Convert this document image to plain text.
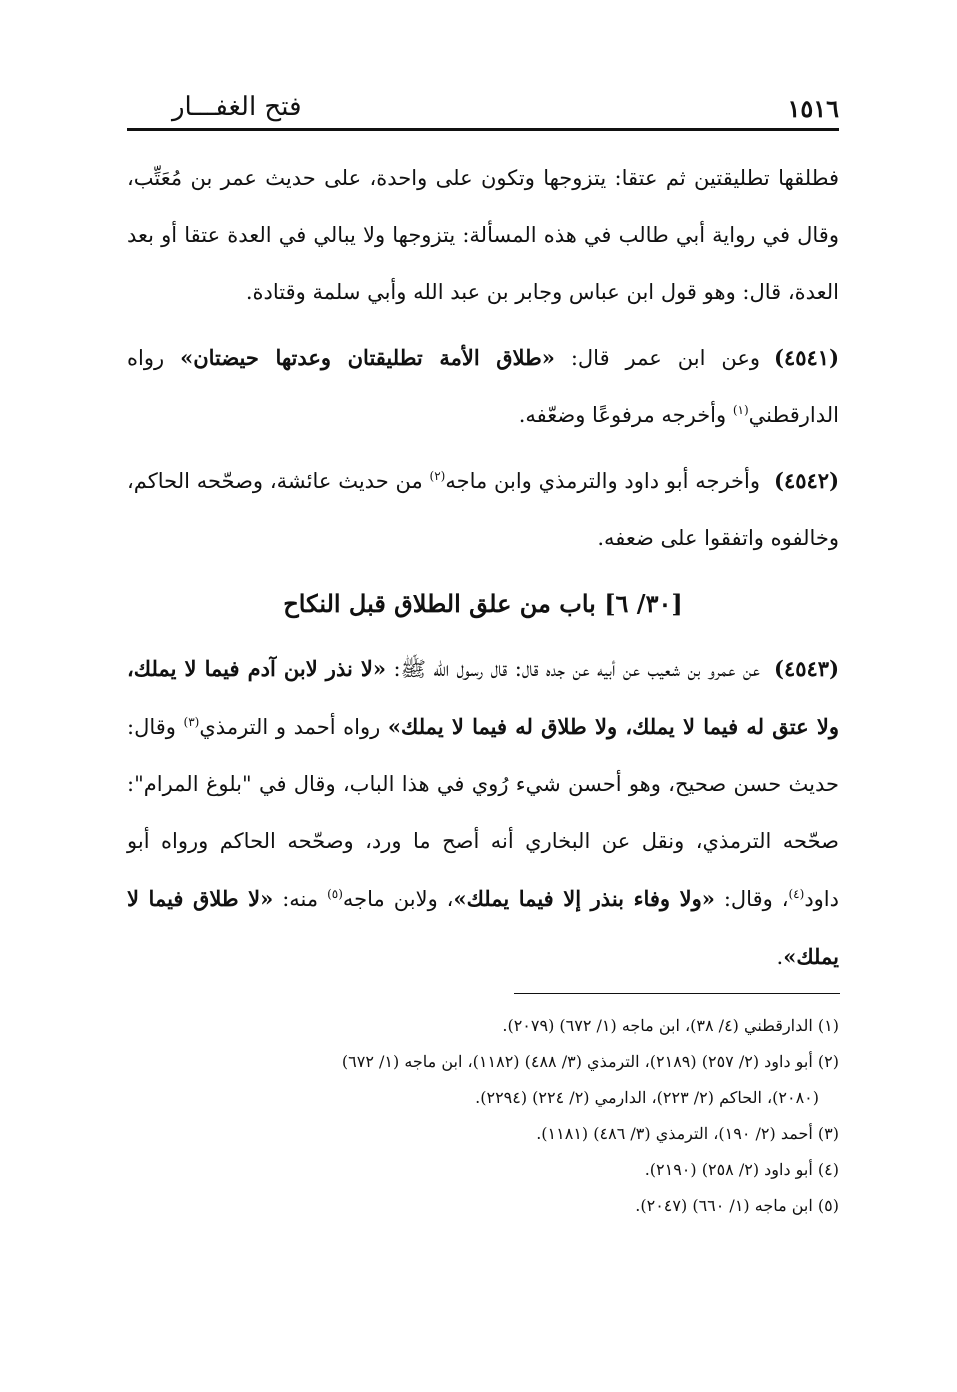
١٥١٦
فتح الغفـــار

فطلقها تطليقتين ثم عتقا: يتزوجها وتكون على واحدة، على حديث عمر بن مُعَتِّب، وقال في رواية أبي طالب في هذه المسألة: يتزوجها ولا يبالي في العدة عتقا أو بعد العدة، قال: وهو قول ابن عباس وجابر بن عبد الله وأبي سلمة وقتادة.

(٤٥٤١)وعن ابن عمر قال: «طلاق الأمة تطليقتان وعدتها حيضتان» رواه الدارقطني$^{(١)}$ وأخرجه مرفوعًا وضعّفه.

(٤٥٤٢)وأخرجه أبو داود والترمذي وابن ماجه$^{(٢)}$ من حديث عائشة، وصحّحه الحاكم، وخالفوه واتفقوا على ضعفه.

[٣٠/ ٦] باب من علق الطلاق قبل النكاح

(٤٥٤٣)عن عمرو بن شعيب عن أبيه عن جده قال: قال رسول الله ﷺ: «لا نذر لابن آدم فيما لا يملك، ولا عتق له فيما لا يملك، ولا طلاق له فيما لا يملك» رواه أحمد و الترمذي$^{(٣)}$ وقال: حديث حسن صحيح، وهو أحسن شيء رُوي في هذا الباب، وقال في "بلوغ المرام": صحّحه الترمذي، ونقل عن البخاري أنه أصح ما ورد، وصحّحه الحاكم ورواه أبو داود$^{(٤)}$، وقال: «ولا وفاء بنذر إلا فيما يملك»، ولابن ماجه$^{(٥)}$ منه: «لا طلاق فيما لا يملك».

(١) الدارقطني (٤/ ٣٨)، ابن ماجه (١/ ٦٧٢) (٢٠٧٩).

(٢) أبو داود (٢/ ٢٥٧) (٢١٨٩)، الترمذي (٣/ ٤٨٨) (١١٨٢)، ابن ماجه (١/ ٦٧٢)

(٢٠٨٠)، الحاكم (٢/ ٢٢٣)، الدارمي (٢/ ٢٢٤) (٢٢٩٤).

(٣) أحمد (٢/ ١٩٠)، الترمذي (٣/ ٤٨٦) (١١٨١).

(٤) أبو داود (٢/ ٢٥٨) (٢١٩٠).

(٥) ابن ماجه (١/ ٦٦٠) (٢٠٤٧).
